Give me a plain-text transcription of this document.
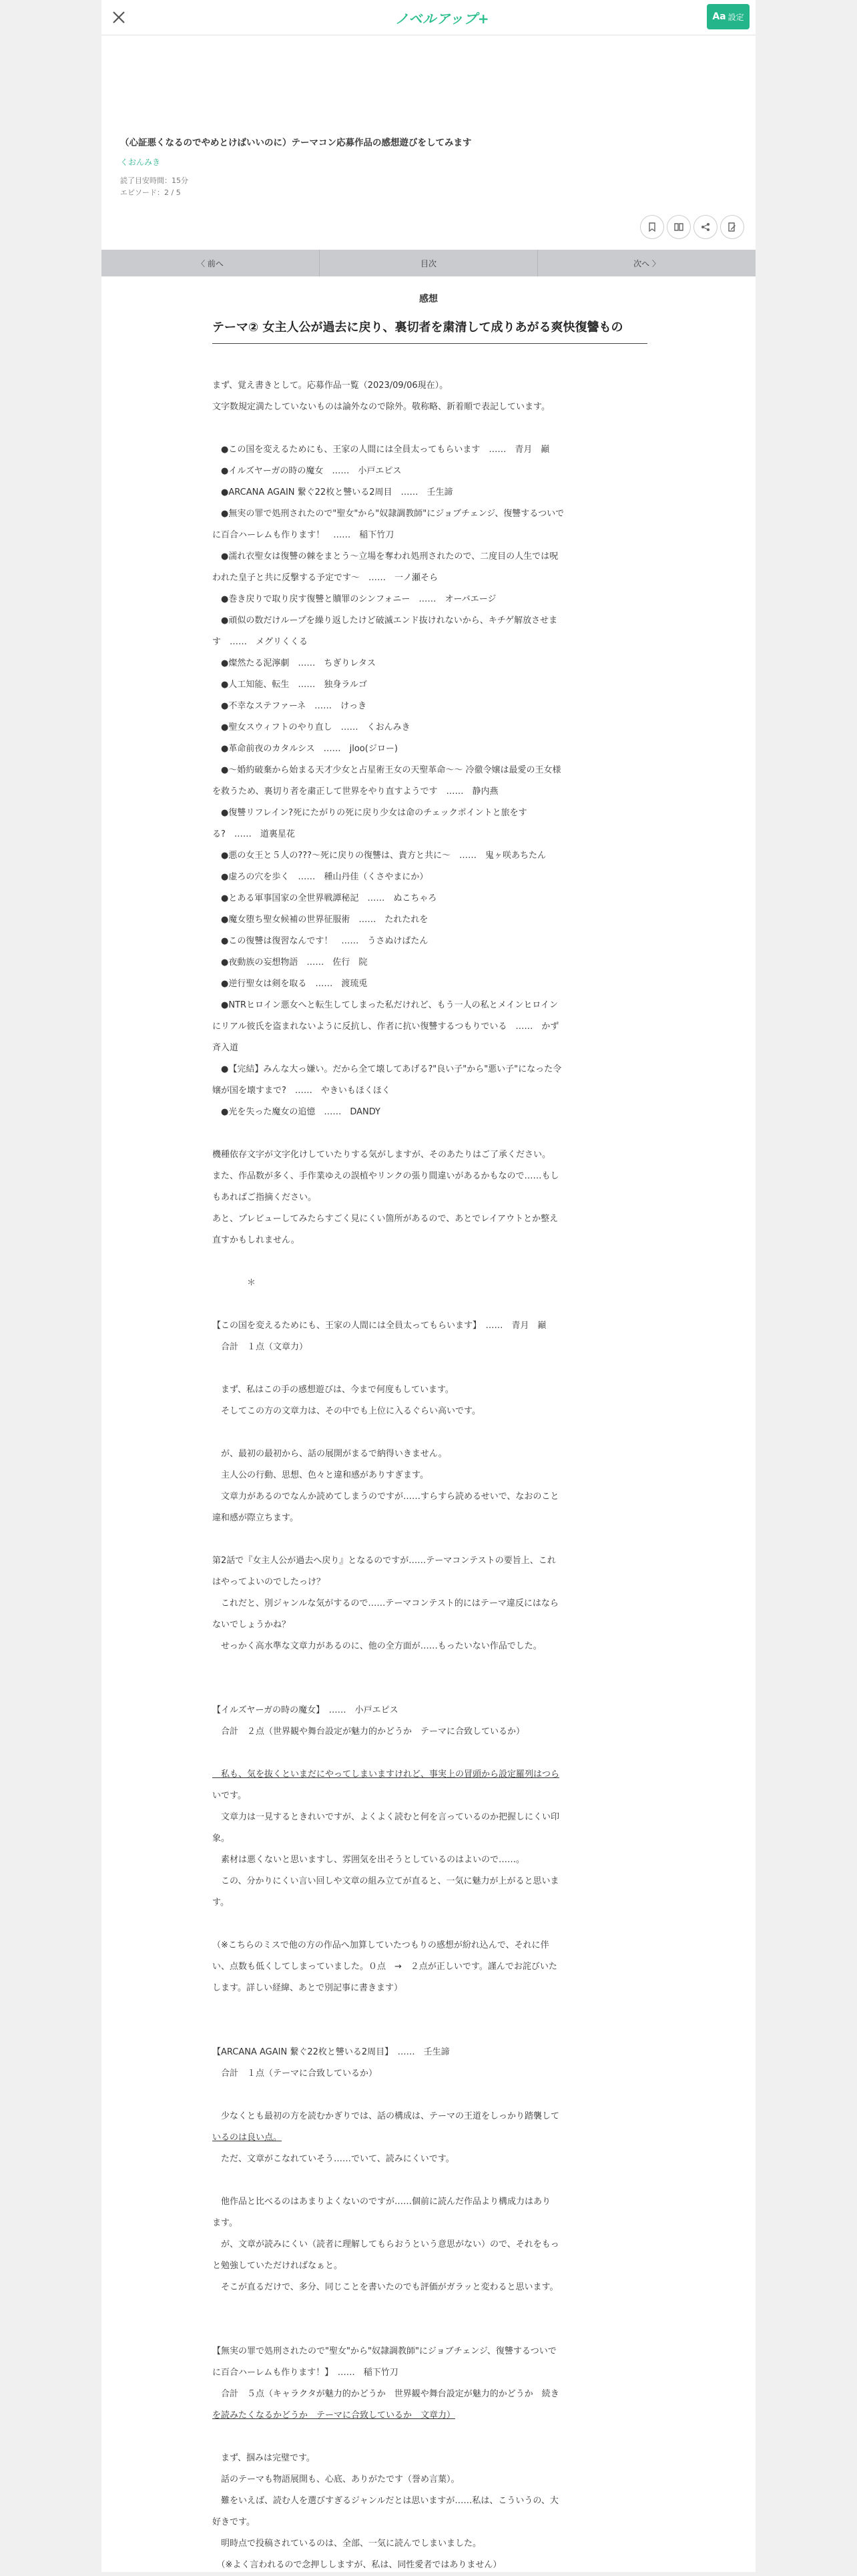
ノベルアップ+	Aa 設定
（心証悪くなるのでやめとけばいいのに）テーマコン応募作品の感想遊びをしてみます
くおんみき
読了目安時間：15分
エピソード：2 / 5
〈 前へ	目次	次へ 〉
感想
テーマ② 女主人公が過去に戻り、裏切者を粛清して成りあがる爽快復讐もの

まず、覚え書きとして。応募作品一覧（2023/09/06現在）。

文字数規定満たしていないものは論外なので除外。敬称略、新着順で表記しています。

　●この国を変えるためにも、王家の人間には全員太ってもらいます　……　青月　巓

　●イルズヤーガの時の魔女　……　小戸エピス

　●ARCANA AGAIN 繋ぐ22枚と讐いる2周目　……　壬生諦

　●無実の罪で処刑されたので"聖女"から"奴隷調教師"にジョブチェンジ、復讐するついで

に百合ハーレムも作ります！　……　稲下竹刀

　●濡れ衣聖女は復讐の棘をまとう〜立場を奪われ処刑されたので、二度目の人生では呪

われた皇子と共に反撃する予定です〜　……　一ノ瀬そら

　●巻き戻りで取り戻す復讐と贖罪のシンフォニー　……　オーバエージ

　●頑似の数だけループを繰り返したけど破滅エンド抜けれないから、キチゲ解放させま

す　……　メグリくくる

　●燦然たる泥濘劇　……　ちぎりレタス

　●人工知能、転生　……　独身ラルゴ

　●不幸なステファーネ　……　けっき

　●聖女スウィフトのやり直し　……　くおんみき

　●革命前夜のカタルシス　……　jloo(ジロー)

　●〜婚約破棄から始まる天才少女と占星術王女の天聖革命〜〜 冷徹令嬢は最愛の王女様

を救うため、裏切り者を粛正して世界をやり直すようです　……　静内燕

　●復讐リフレイン?死にたがりの死に戻り少女は命のチェックポイントと旅をす

る?　……　道裏星花

　●悪の女王と５人の???〜死に戻りの復讐は、貴方と共に〜　……　鬼ヶ咲あちたん

　●虚ろの穴を歩く　……　種山丹佳（くさやまにか）

　●とある軍事国家の全世界戦譚秘記　……　ぬこちゃろ

　●魔女堕ち聖女候補の世界征服術　……　たれたれを

　●この復讐は復習なんです！　……　うさぬけぱたん

　●夜動族の妄想物語　……　佐行　院

　●逆行聖女は剣を取る　……　渡琉兎

　●NTRヒロイン悪女へと転生してしまった私だけれど、もう一人の私とメインヒロイン

にリアル彼氏を盗まれないように反抗し、作者に抗い復讐するつもりでいる　……　かず

斉入道

　●【完結】みんな大っ嫌い。だから全て壊してあげる?"良い子"から"悪い子"になった令

嬢が国を壊すまで?　……　やきいもほくほく

　●光を失った魔女の追憶　……　DANDY

機種依存文字が文字化けしていたりする気がしますが、そのあたりはご了承ください。

また、作品数が多く、手作業ゆえの誤植やリンクの張り間違いがあるかもなので……もし

もあればご指摘ください。

あと、プレビューしてみたらすごく見にくい箇所があるので、あとでレイアウトとか整え

直すかもしれません。

　　　　＊

【この国を変えるためにも、王家の人間には全員太ってもらいます】　……　青月　巓

　合計　１点（文章力）

　まず、私はこの手の感想遊びは、今まで何度もしています。

　そしてこの方の文章力は、その中でも上位に入るぐらい高いです。

　が、最初の最初から、話の展開がまるで納得いきません。

　主人公の行動、思想、色々と違和感がありすぎます。

　文章力があるのでなんか読めてしまうのですが……すらすら読めるせいで、なおのこと

違和感が際立ちます。

第2話で『女主人公が過去へ戻り』となるのですが……テーマコンテストの要旨上、これ

はやってよいのでしたっけ？

　これだと、別ジャンルな気がするので……テーマコンテスト的にはテーマ違反にはなら

ないでしょうかね？

　せっかく高水準な文章力があるのに、他の全方面が……もったいない作品でした。

【イルズヤーガの時の魔女】　……　小戸エピス

　合計　２点（世界観や舞台設定が魅力的かどうか　テーマに合致しているか）

　私も、気を抜くといまだにやってしまいますけれど、事実上の冒頭から設定羅列はつら

いです。

　文章力は一見するときれいですが、よくよく読むと何を言っているのか把握しにくい印

象。

　素材は悪くないと思いますし、雰囲気を出そうとしているのはよいので……。

　この、分かりにくい言い回しや文章の組み立てが直ると、一気に魅力が上がると思いま

す。

（※こちらのミスで他の方の作品へ加算していたつもりの感想が紛れ込んで、それに伴

い、点数も低くしてしまっていました。０点　→　２点が正しいです。謹んでお詫びいた

します。詳しい経緯、あとで別記事に書きます）

【ARCANA AGAIN 繋ぐ22枚と讐いる2周目】　……　壬生諦

　合計　１点（テーマに合致しているか）

　少なくとも最初の方を読むかぎりでは、話の構成は、テーマの王道をしっかり踏襲して

いるのは良い点。

　ただ、文章がこなれていそう……でいて、読みにくいです。

　他作品と比べるのはあまりよくないのですが……個前に読んだ作品より構成力はあり

ます。

　が、文章が読みにくい（読者に理解してもらおうという意思がない）ので、それをもっ

と勉強していただければなぁと。

　そこが直るだけで、多分、同じことを書いたのでも評価がガラッと変わると思います。

【無実の罪で処刑されたので"聖女"から"奴隷調教師"にジョブチェンジ、復讐するついで

に百合ハーレムも作ります！】　……　稲下竹刀

　合計　５点（キャラクタが魅力的かどうか　世界観や舞台設定が魅力的かどうか　続き

を読みたくなるかどうか　テーマに合致しているか　文章力）

　まず、掴みは完璧です。

　話のテーマも物語展開も、心底、ありがたです（誉め言葉）。

　難をいえば、読む人を選びすぎるジャンルだとは思いますが……私は、こういうの、大

好きです。

　明時点で投稿されているのは、全部、一気に読んでしまいました。

　（※よく言われるので念押ししますが、私は、同性愛者ではありません）
